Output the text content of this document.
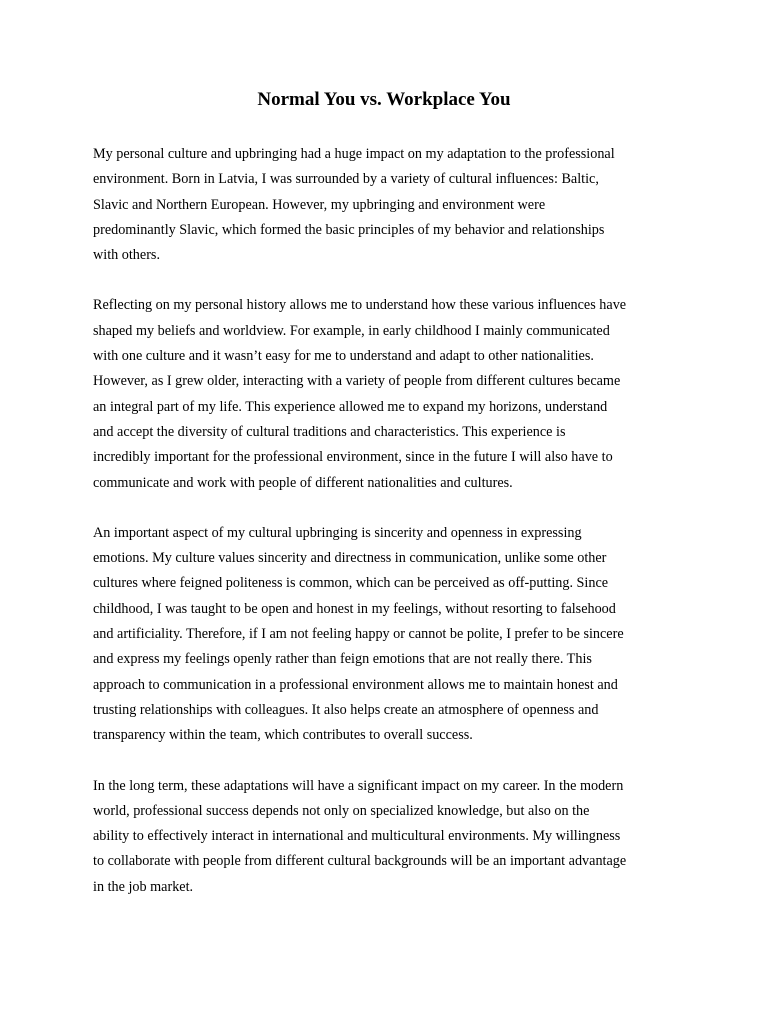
Normal You vs. Workplace You

My personal culture and upbringing had a huge impact on my adaptation to the professional
environment. Born in Latvia, I was surrounded by a variety of cultural influences: Baltic,
Slavic and Northern European. However, my upbringing and environment were
predominantly Slavic, which formed the basic principles of my behavior and relationships
with others.

Reflecting on my personal history allows me to understand how these various influences have
shaped my beliefs and worldview. For example, in early childhood I mainly communicated
with one culture and it wasn’t easy for me to understand and adapt to other nationalities.
However, as I grew older, interacting with a variety of people from different cultures became
an integral part of my life. This experience allowed me to expand my horizons, understand
and accept the diversity of cultural traditions and characteristics. This experience is
incredibly important for the professional environment, since in the future I will also have to
communicate and work with people of different nationalities and cultures.

An important aspect of my cultural upbringing is sincerity and openness in expressing
emotions. My culture values sincerity and directness in communication, unlike some other
cultures where feigned politeness is common, which can be perceived as off-putting. Since
childhood, I was taught to be open and honest in my feelings, without resorting to falsehood
and artificiality. Therefore, if I am not feeling happy or cannot be polite, I prefer to be sincere
and express my feelings openly rather than feign emotions that are not really there. This
approach to communication in a professional environment allows me to maintain honest and
trusting relationships with colleagues. It also helps create an atmosphere of openness and
transparency within the team, which contributes to overall success.

In the long term, these adaptations will have a significant impact on my career. In the modern
world, professional success depends not only on specialized knowledge, but also on the
ability to effectively interact in international and multicultural environments. My willingness
to collaborate with people from different cultural backgrounds will be an important advantage
in the job market.
